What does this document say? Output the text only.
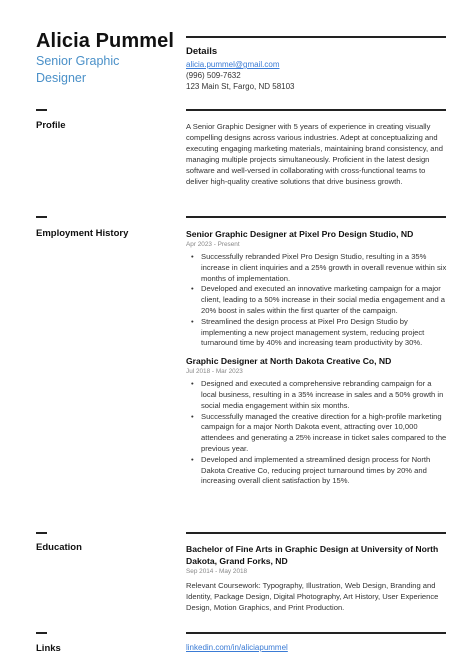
Alicia Pummel
Senior Graphic Designer
Details
alicia.pummel@gmail.com
(996) 509-7632
123 Main St, Fargo, ND 58103
Profile	A Senior Graphic Designer with 5 years of experience in creating visually compelling designs across various industries. Adept at conceptualizing and executing engaging marketing materials, maintaining brand consistency, and managing multiple projects simultaneously. Proficient in the latest design software and well-versed in collaborating with cross-functional teams to deliver high-quality creative solutions that drive business growth.
Employment History	Senior Graphic Designer at Pixel Pro Design Studio, ND
Apr 2023 - Present
• Successfully rebranded Pixel Pro Design Studio, resulting in a 35% increase in client inquiries and a 25% growth in overall revenue within six months of implementation.
• Developed and executed an innovative marketing campaign for a major client, leading to a 50% increase in their social media engagement and a 20% boost in sales within the first quarter of the campaign.
• Streamlined the design process at Pixel Pro Design Studio by implementing a new project management system, reducing project turnaround time by 40% and increasing team productivity by 30%.
Graphic Designer at North Dakota Creative Co, ND
Jul 2018 - Mar 2023
• Designed and executed a comprehensive rebranding campaign for a local business, resulting in a 35% increase in sales and a 50% growth in social media engagement within six months.
• Successfully managed the creative direction for a high-profile marketing campaign for a major North Dakota event, attracting over 10,000 attendees and generating a 25% increase in ticket sales compared to the previous year.
• Developed and implemented a streamlined design process for North Dakota Creative Co, reducing project turnaround times by 20% and increasing overall client satisfaction by 15%.
Education	Bachelor of Fine Arts in Graphic Design at University of North Dakota, Grand Forks, ND
Sep 2014 - May 2018
Relevant Coursework: Typography, Illustration, Web Design, Branding and Identity, Package Design, Digital Photography, Art History, User Experience Design, Motion Graphics, and Print Production.
Links	linkedin.com/in/aliciapummel
